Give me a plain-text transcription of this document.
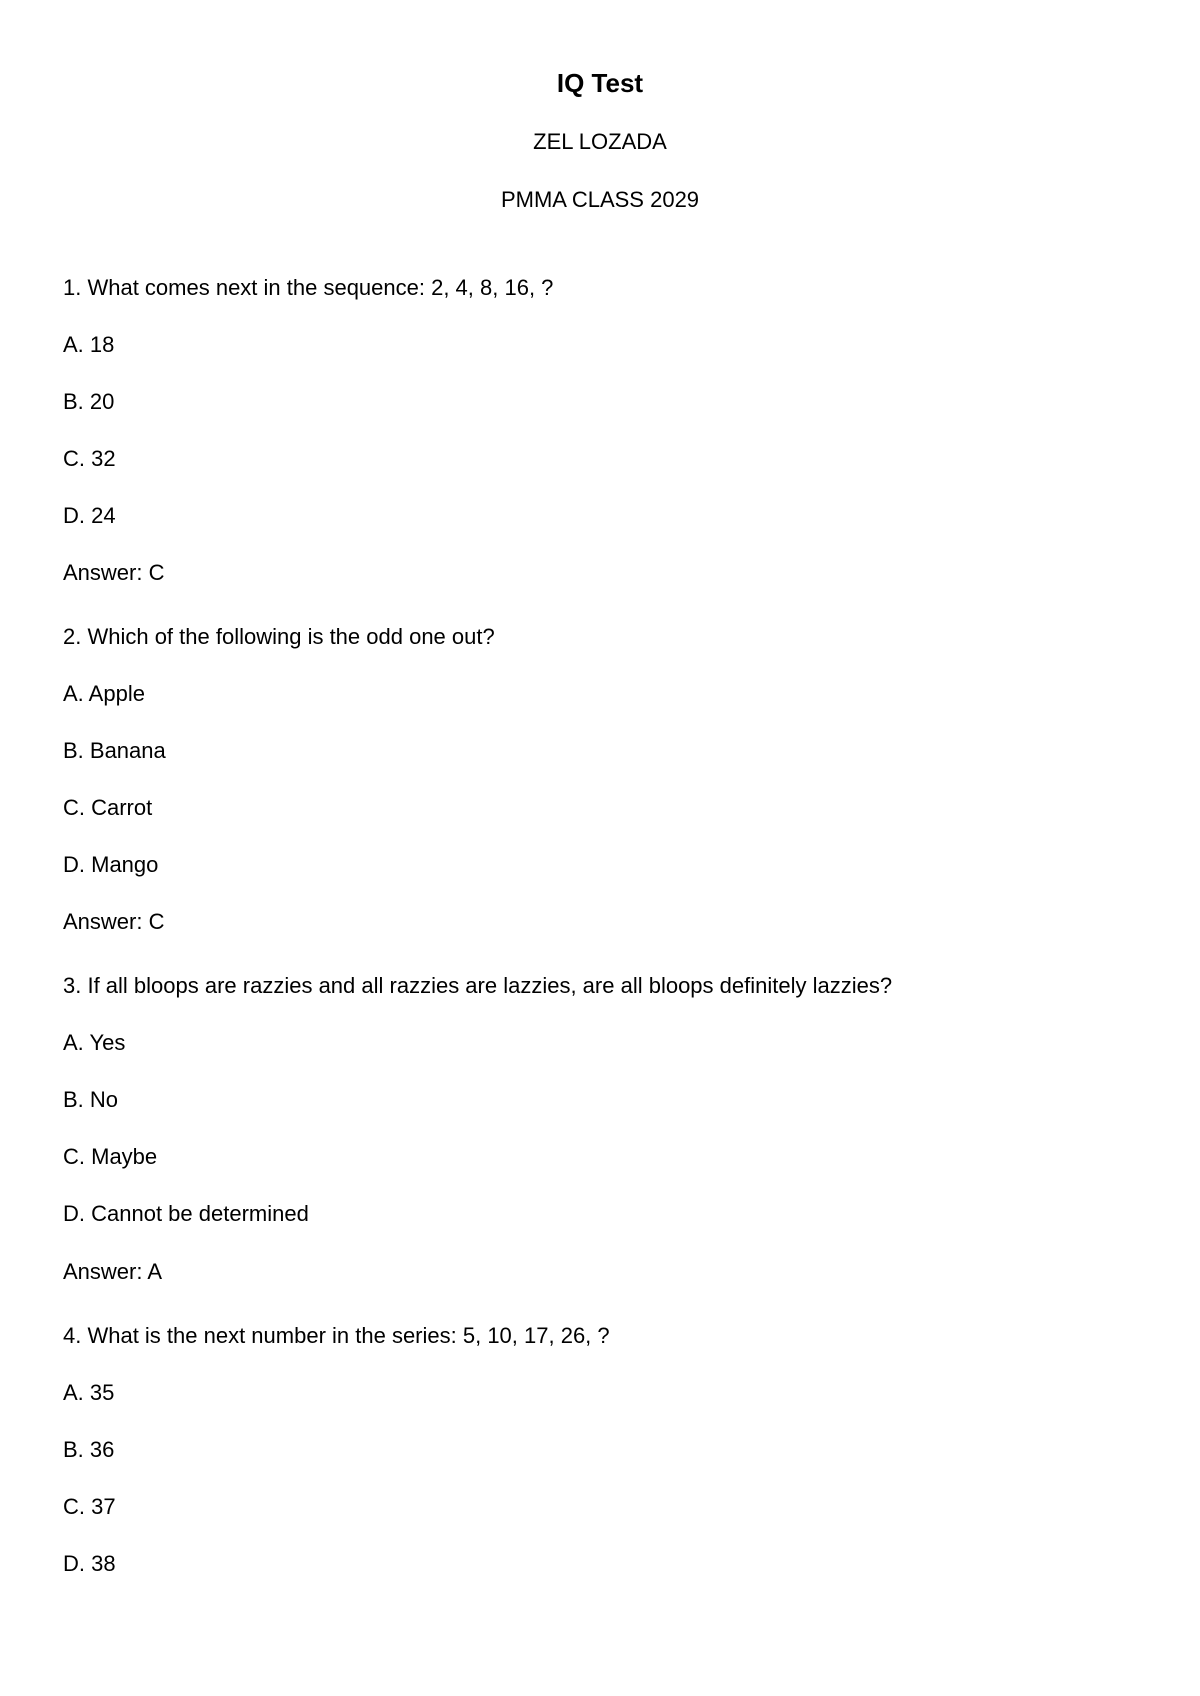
IQ Test
ZEL LOZADA
PMMA CLASS 2029
1. What comes next in the sequence: 2, 4, 8, 16, ?
A. 18
B. 20
C. 32
D. 24
Answer: C
2. Which of the following is the odd one out?
A. Apple
B. Banana
C. Carrot
D. Mango
Answer: C
3. If all bloops are razzies and all razzies are lazzies, are all bloops definitely lazzies?
A. Yes
B. No
C. Maybe
D. Cannot be determined
Answer: A
4. What is the next number in the series: 5, 10, 17, 26, ?
A. 35
B. 36
C. 37
D. 38
